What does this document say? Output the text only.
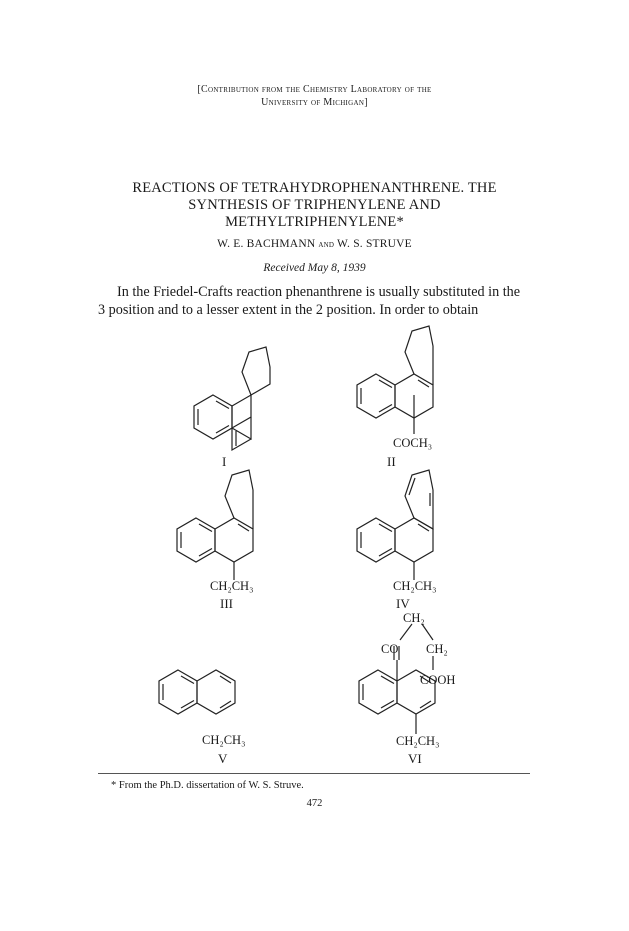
[Contribution from the Chemistry Laboratory of the
University of Michigan]
REACTIONS OF TETRAHYDROPHENANTHRENE. THE
SYNTHESIS OF TRIPHENYLENE AND
METHYLTRIPHENYLENE*
W. E. BACHMANN and W. S. STRUVE
Received May 8, 1939
In the Friedel-Crafts reaction phenanthrene is usually substituted in the
3 position and to a lesser extent in the 2 position. In order to obtain
I
COCH₃
II
CH₂CH₃
III
CH₂CH₃
IV
CH₂CH₃
V
CH₂
CO CH₂
COOH
CH₂CH₃
VI
* From the Ph.D. dissertation of W. S. Struve.
472
